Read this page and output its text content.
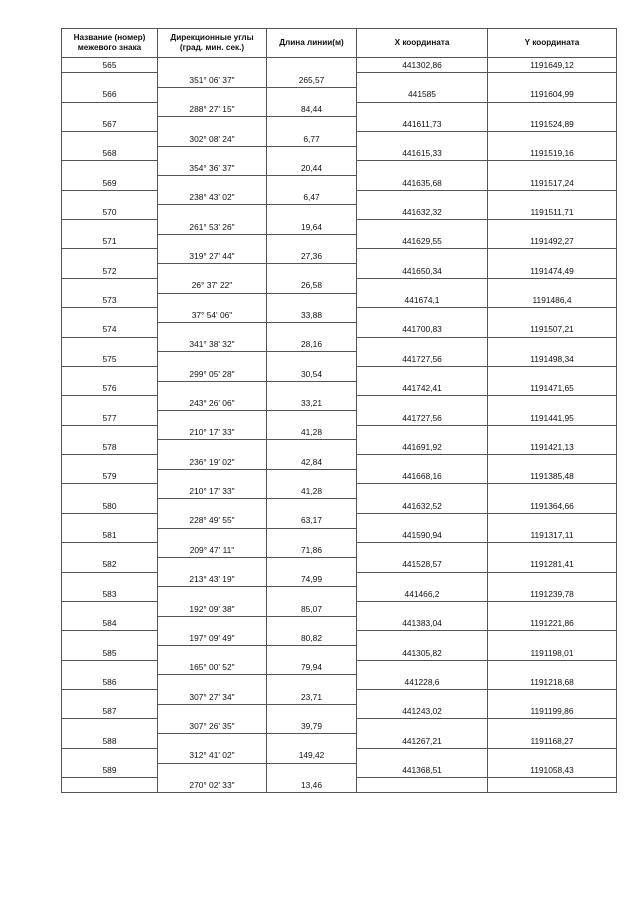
Название (номер)
межевого знака	Дирекционные углы
(град. мин. сек.)	Длина линии(м)	X координата	Y координата
565			441302,86	1191649,12
	351° 06' 37"	265,57		
566			441585	1191604,99
	288° 27' 15"	84,44		
567			441611,73	1191524,89
	302° 08' 24"	6,77		
568			441615,33	1191519,16
	354° 36' 37"	20,44		
569			441635,68	1191517,24
	238° 43' 02"	6,47		
570			441632,32	1191511,71
	261° 53' 26"	19,64		
571			441629,55	1191492,27
	319° 27' 44"	27,36		
572			441650,34	1191474,49
	26° 37' 22"	26,58		
573			441674,1	1191486,4
	37° 54' 06"	33,88		
574			441700,83	1191507,21
	341° 38' 32"	28,16		
575			441727,56	1191498,34
	299° 05' 28"	30,54		
576			441742,41	1191471,65
	243° 26' 06"	33,21		
577			441727,56	1191441,95
	210° 17' 33"	41,28		
578			441691,92	1191421,13
	236° 19' 02"	42,84		
579			441668,16	1191385,48
	210° 17' 33"	41,28		
580			441632,52	1191364,66
	228° 49' 55"	63,17		
581			441590,94	1191317,11
	209° 47' 11"	71,86		
582			441528,57	1191281,41
	213° 43' 19"	74,99		
583			441466,2	1191239,78
	192° 09' 38"	85,07		
584			441383,04	1191221,86
	197° 09' 49"	80,82		
585			441305,82	1191198,01
	165° 00' 52"	79,94		
586			441228,6	1191218,68
	307° 27' 34"	23,71		
587			441243,02	1191199,86
	307° 26' 35"	39,79		
588			441267,21	1191168,27
	312° 41' 02"	149,42		
589			441368,51	1191058,43
	270° 02' 33"	13,46		
